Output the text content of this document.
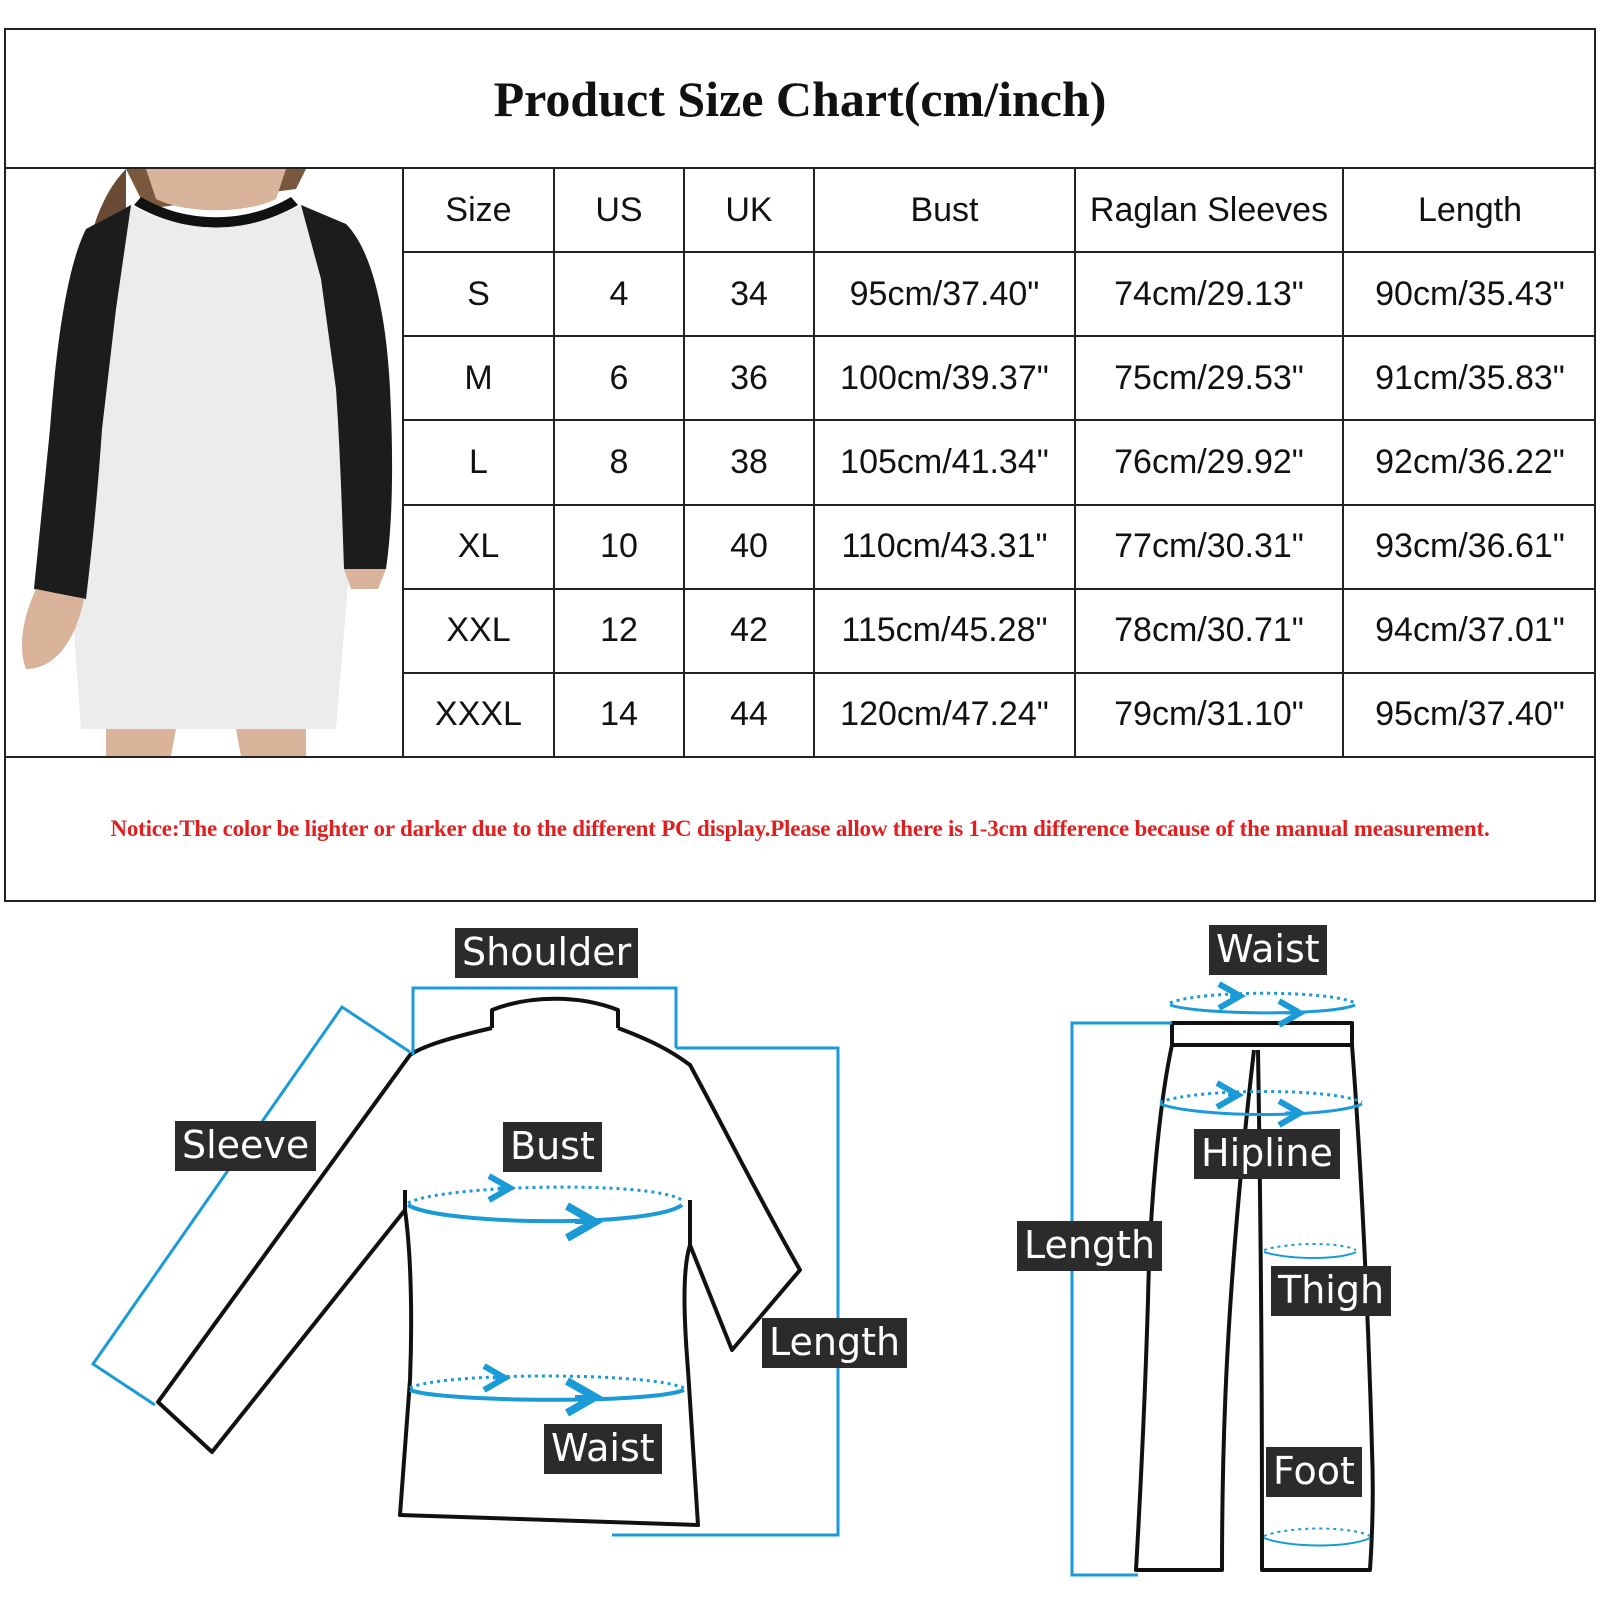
Product Size Chart(cm/inch)
Size	US	UK	Bust	Raglan Sleeves	Length
S	4	34	95cm/37.40"	74cm/29.13"	90cm/35.43"
M	6	36	100cm/39.37"	75cm/29.53"	91cm/35.83"
L	8	38	105cm/41.34"	76cm/29.92"	92cm/36.22"
XL	10	40	110cm/43.31"	77cm/30.31"	93cm/36.61"
XXL	12	42	115cm/45.28"	78cm/30.71"	94cm/37.01"
XXXL	14	44	120cm/47.24"	79cm/31.10"	95cm/37.40"
Notice:The color be lighter or darker due to the different PC display.Please allow there is 1-3cm difference because of the manual measurement.
Shoulder
Sleeve	Bust
Length
Waist
Waist
Hipline
Length
Thigh
Foot
